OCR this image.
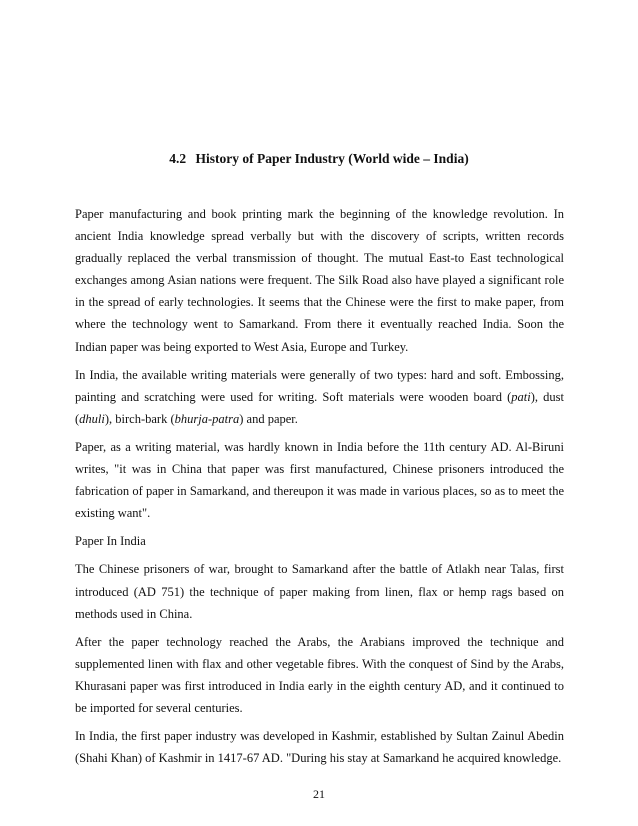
4.2 History of Paper Industry (World wide – India)

Paper manufacturing and book printing mark the beginning of the knowledge revolution. In ancient India knowledge spread verbally but with the discovery of scripts, written records gradually replaced the verbal transmission of thought. The mutual East-to East technological exchanges among Asian nations were frequent. The Silk Road also have played a significant role in the spread of early technologies. It seems that the Chinese were the first to make paper, from where the technology went to Samarkand. From there it eventually reached India. Soon the Indian paper was being exported to West Asia, Europe and Turkey.

In India, the available writing materials were generally of two types: hard and soft. Embossing, painting and scratching were used for writing. Soft materials were wooden board (pati), dust (dhuli), birch-bark (bhurja-patra) and paper.

Paper, as a writing material, was hardly known in India before the 11th century AD. Al-Biruni writes, "it was in China that paper was first manufactured, Chinese prisoners introduced the fabrication of paper in Samarkand, and thereupon it was made in various places, so as to meet the existing want".

Paper In India

The Chinese prisoners of war, brought to Samarkand after the battle of Atlakh near Talas, first introduced (AD 751) the technique of paper making from linen, flax or hemp rags based on methods used in China.

After the paper technology reached the Arabs, the Arabians improved the technique and supplemented linen with flax and other vegetable fibres. With the conquest of Sind by the Arabs, Khurasani paper was first introduced in India early in the eighth century AD, and it continued to be imported for several centuries.

In India, the first paper industry was developed in Kashmir, established by Sultan Zainul Abedin (Shahi Khan) of Kashmir in 1417-67 AD. "During his stay at Samarkand he acquired knowledge.

21
